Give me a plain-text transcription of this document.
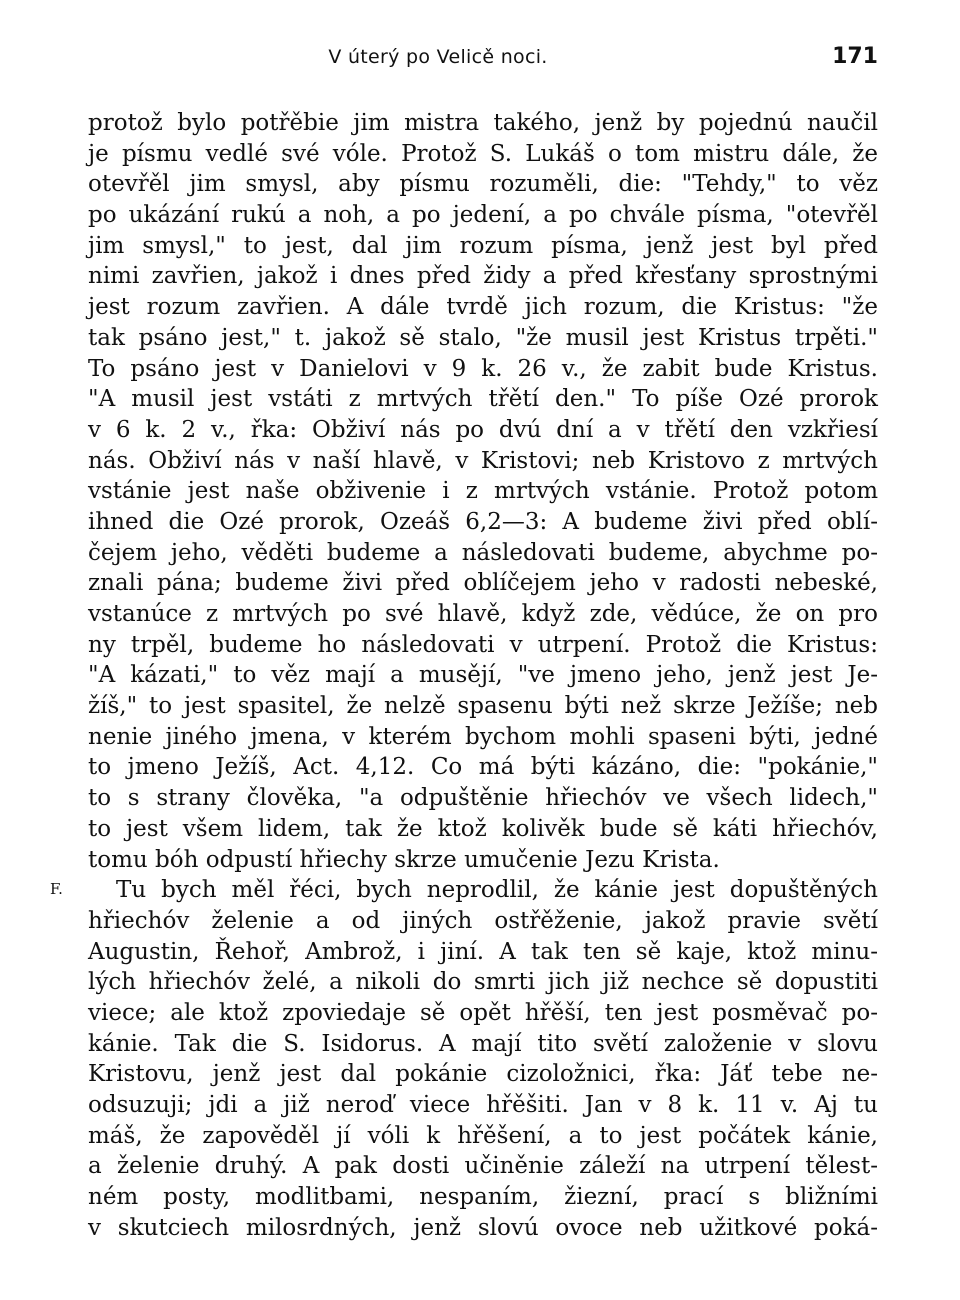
V úterý po Velicě noci.	171
F.
protož bylo potřěbie jim mistra takého, jenž by pojednú naučil
je písmu vedlé své vóle. Protož S. Lukáš o tom mistru dále, že
otevřěl jim smysl, aby písmu rozuměli, die: "Tehdy," to věz
po ukázání rukú a noh, a po jedení, a po chvále písma, "otevřěl
jim smysl," to jest, dal jim rozum písma, jenž jest byl před
nimi zavřien, jakož i dnes před židy a před křesťany sprostnými
jest rozum zavřien. A dále tvrdě jich rozum, die Kristus: "že
tak psáno jest," t. jakož sě stalo, "že musil jest Kristus trpěti."
To psáno jest v Danielovi v 9 k. 26 v., že zabit bude Kristus.
"A musil jest vstáti z mrtvých třětí den." To píše Ozé prorok
v 6 k. 2 v., řka: Obživí nás po dvú dní a v třětí den vzkřiesí
nás. Obživí nás v naší hlavě, v Kristovi; neb Kristovo z mrtvých
vstánie jest naše obživenie i z mrtvých vstánie. Protož potom
ihned die Ozé prorok, Ozeáš 6,2—3: A budeme živi před oblí-
čejem jeho, věděti budeme a následovati budeme, abychme po-
znali pána; budeme živi před oblíčejem jeho v radosti nebeské,
vstanúce z mrtvých po své hlavě, když zde, vědúce, že on pro
ny trpěl, budeme ho následovati v utrpení. Protož die Kristus:
"A kázati," to věz mají a musějí, "ve jmeno jeho, jenž jest Je-
žíš," to jest spasitel, že nelzě spasenu býti než skrze Ježíše; neb
nenie jiného jmena, v kterém bychom mohli spaseni býti, jedné
to jmeno Ježíš, Act. 4,12. Co má býti kázáno, die: "pokánie,"
to s strany člověka, "a odpuštěnie hřiechóv ve všech lidech,"
to jest všem lidem, tak že ktož kolivěk bude sě káti hřiechóv,
tomu bóh odpustí hřiechy skrze umučenie Jezu Krista.
Tu bych měl řéci, bych neprodlil, že kánie jest dopuštěných
hřiechóv želenie a od jiných ostřěženie, jakož pravie světí
Augustin, Řehoř, Ambrož, i jiní. A tak ten sě kaje, ktož minu-
lých hřiechóv želé, a nikoli do smrti jich již nechce sě dopustiti
viece; ale ktož zpoviedaje sě opět hřěší, ten jest posměvač po-
kánie. Tak die S. Isidorus. A mají tito světí založenie v slovu
Kristovu, jenž jest dal pokánie cizoložnici, řka: Jáť tebe ne-
odsuzuji; jdi a již neroď viece hřěšiti. Jan v 8 k. 11 v. Aj tu
máš, že zapověděl jí vóli k hřěšení, a to jest počátek kánie,
a želenie druhý. A pak dosti učiněnie záleží na utrpení tělest-
ném posty, modlitbami, nespaním, žiezní, prací s bližními
v skutciech milosrdných, jenž slovú ovoce neb užitkové poká-
